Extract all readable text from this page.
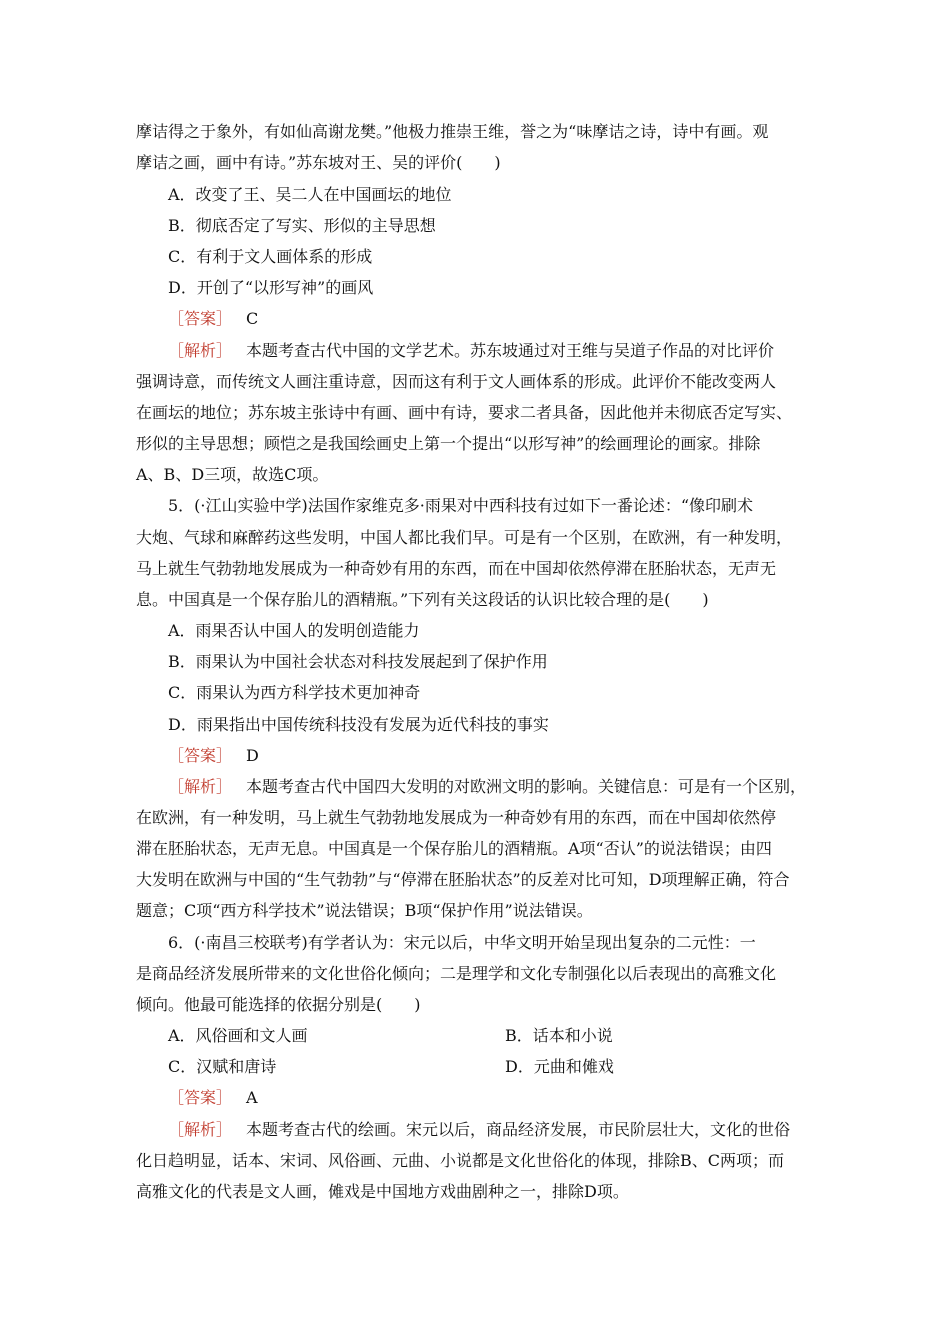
摩诘得之于象外，有如仙高谢龙樊。”他极力推崇王维，誉之为“味摩诘之诗，诗中有画。观
摩诘之画，画中有诗。”苏东坡对王、吴的评价(　　)
A．改变了王、吴二人在中国画坛的地位
B．彻底否定了写实、形似的主导思想
C．有利于文人画体系的形成
D．开创了“以形写神”的画风
［答案］ C
［解析］ 本题考查古代中国的文学艺术。苏东坡通过对王维与吴道子作品的对比评价
强调诗意，而传统文人画注重诗意，因而这有利于文人画体系的形成。此评价不能改变两人
在画坛的地位；苏东坡主张诗中有画、画中有诗，要求二者具备，因此他并未彻底否定写实、
形似的主导思想；顾恺之是我国绘画史上第一个提出“以形写神”的绘画理论的画家。排除
A、B、D三项，故选C项。
5．(·江山实验中学)法国作家维克多·雨果对中西科技有过如下一番论述：“像印刷术
大炮、气球和麻醉药这些发明，中国人都比我们早。可是有一个区别，在欧洲，有一种发明，
马上就生气勃勃地发展成为一种奇妙有用的东西，而在中国却依然停滞在胚胎状态，无声无
息。中国真是一个保存胎儿的酒精瓶。”下列有关这段话的认识比较合理的是(　　)
A．雨果否认中国人的发明创造能力
B．雨果认为中国社会状态对科技发展起到了保护作用
C．雨果认为西方科学技术更加神奇
D．雨果指出中国传统科技没有发展为近代科技的事实
［答案］ D
［解析］ 本题考查古代中国四大发明的对欧洲文明的影响。关键信息：可是有一个区别，
在欧洲，有一种发明，马上就生气勃勃地发展成为一种奇妙有用的东西，而在中国却依然停
滞在胚胎状态，无声无息。中国真是一个保存胎儿的酒精瓶。A项“否认”的说法错误；由四
大发明在欧洲与中国的“生气勃勃”与“停滞在胚胎状态”的反差对比可知，D项理解正确，符合
题意；C项“西方科学技术”说法错误；B项“保护作用”说法错误。
6．(·南昌三校联考)有学者认为：宋元以后，中华文明开始呈现出复杂的二元性：一
是商品经济发展所带来的文化世俗化倾向；二是理学和文化专制强化以后表现出的高雅文化
倾向。他最可能选择的依据分别是(　　)
A．风俗画和文人画	B．话本和小说
C．汉赋和唐诗	D．元曲和傩戏
［答案］ A
［解析］ 本题考查古代的绘画。宋元以后，商品经济发展，市民阶层壮大，文化的世俗
化日趋明显，话本、宋词、风俗画、元曲、小说都是文化世俗化的体现，排除B、C两项；而
高雅文化的代表是文人画，傩戏是中国地方戏曲剧种之一，排除D项。
